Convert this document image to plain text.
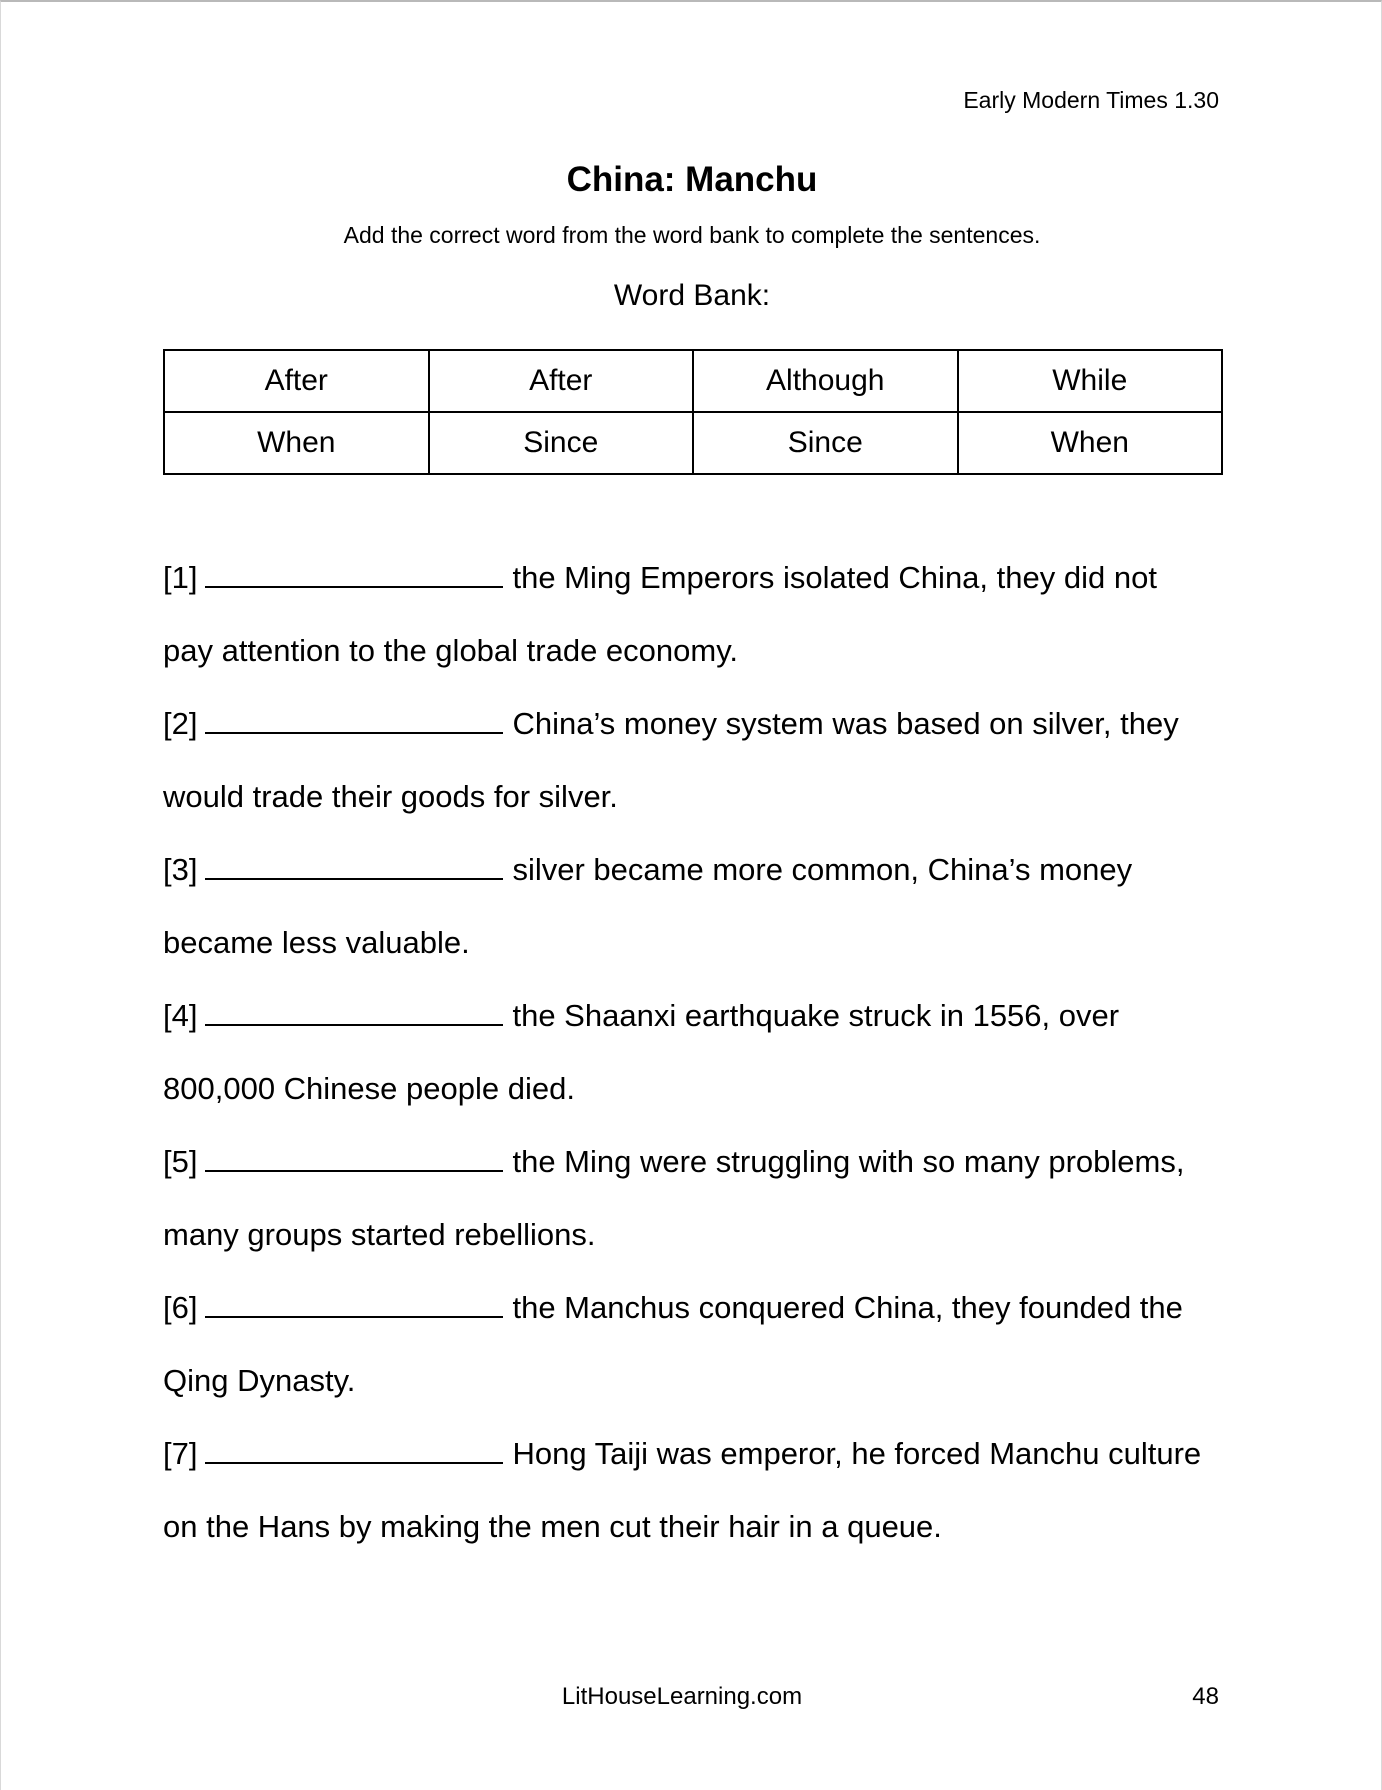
Early Modern Times 1.30
China: Manchu
Add the correct word from the word bank to complete the sentences.
Word Bank:
After	After	Although	While
When	Since	Since	When
[1]	the Ming Emperors isolated China, they did not
pay attention to the global trade economy.
[2]	China’s money system was based on silver, they
would trade their goods for silver.
[3]	silver became more common, China’s money
became less valuable.
[4]	the Shaanxi earthquake struck in 1556, over
800,000 Chinese people died.
[5]	the Ming were struggling with so many problems,
many groups started rebellions.
[6]	the Manchus conquered China, they founded the
Qing Dynasty.
[7]	Hong Taiji was emperor, he forced Manchu culture
on the Hans by making the men cut their hair in a queue.
LitHouseLearning.com	48
